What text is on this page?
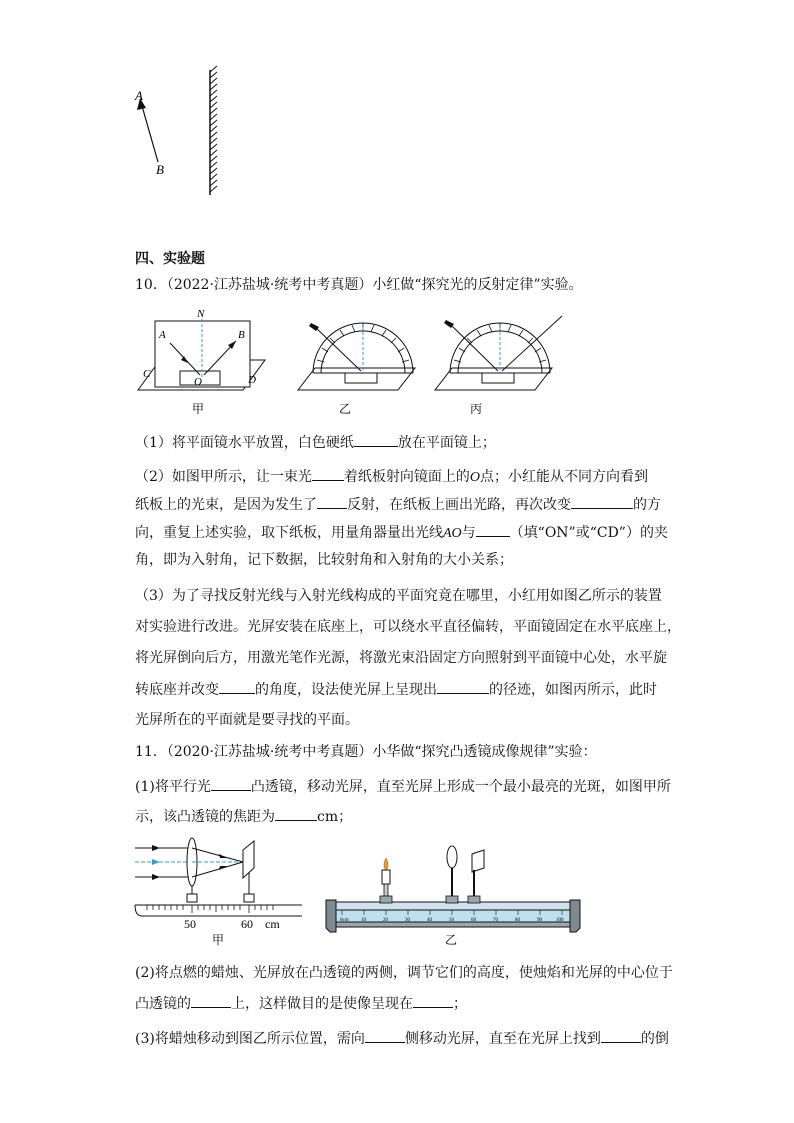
A
B
四、实验题
10．（2022·江苏盐城·统考中考真题）小红做“探究光的反射定律”实验。
N
A	B
C	D
O
甲	乙	丙
（1）将平面镜水平放置，白色硬纸	放在平面镜上；
（2）如图甲所示，让一束光 着纸板射向镜面上的O点；小红能从不同方向看到
纸板上的光束，是因为发生了 反射，在纸板上画出光路，再次改变	的方
向，重复上述实验，取下纸板，用量角器量出光线AO与 （填“ON”或“CD”）的夹
角，即为入射角，记下数据，比较射角和入射角的大小关系；
（3）为了寻找反射光线与入射光线构成的平面究竟在哪里，小红用如图乙所示的装置
对实验进行改进。光屏安装在底座上，可以绕水平直径偏转，平面镜固定在水平底座上，
将光屏倒向后方，用激光笔作光源，将激光束沿固定方向照射到平面镜中心处，水平旋
转底座并改变	的角度，设法使光屏上呈现出	的径迹，如图丙所示，此时
光屏所在的平面就是要寻找的平面。
11．（2020·江苏盐城·统考中考真题）小华做“探究凸透镜成像规律”实验：
(1)将平行光	凸透镜，移动光屏，直至光屏上形成一个最小最亮的光斑，如图甲所
示，该凸透镜的焦距为	cm；
50	60 cm
甲
0cm 10	20	30	40	50	60	70	80	90	100
乙
(2)将点燃的蜡烛、光屏放在凸透镜的两侧，调节它们的高度，使烛焰和光屏的中心位于
凸透镜的	上，这样做目的是使像呈现在	；
(3)将蜡烛移动到图乙所示位置，需向	侧移动光屏，直至在光屏上找到	的倒
